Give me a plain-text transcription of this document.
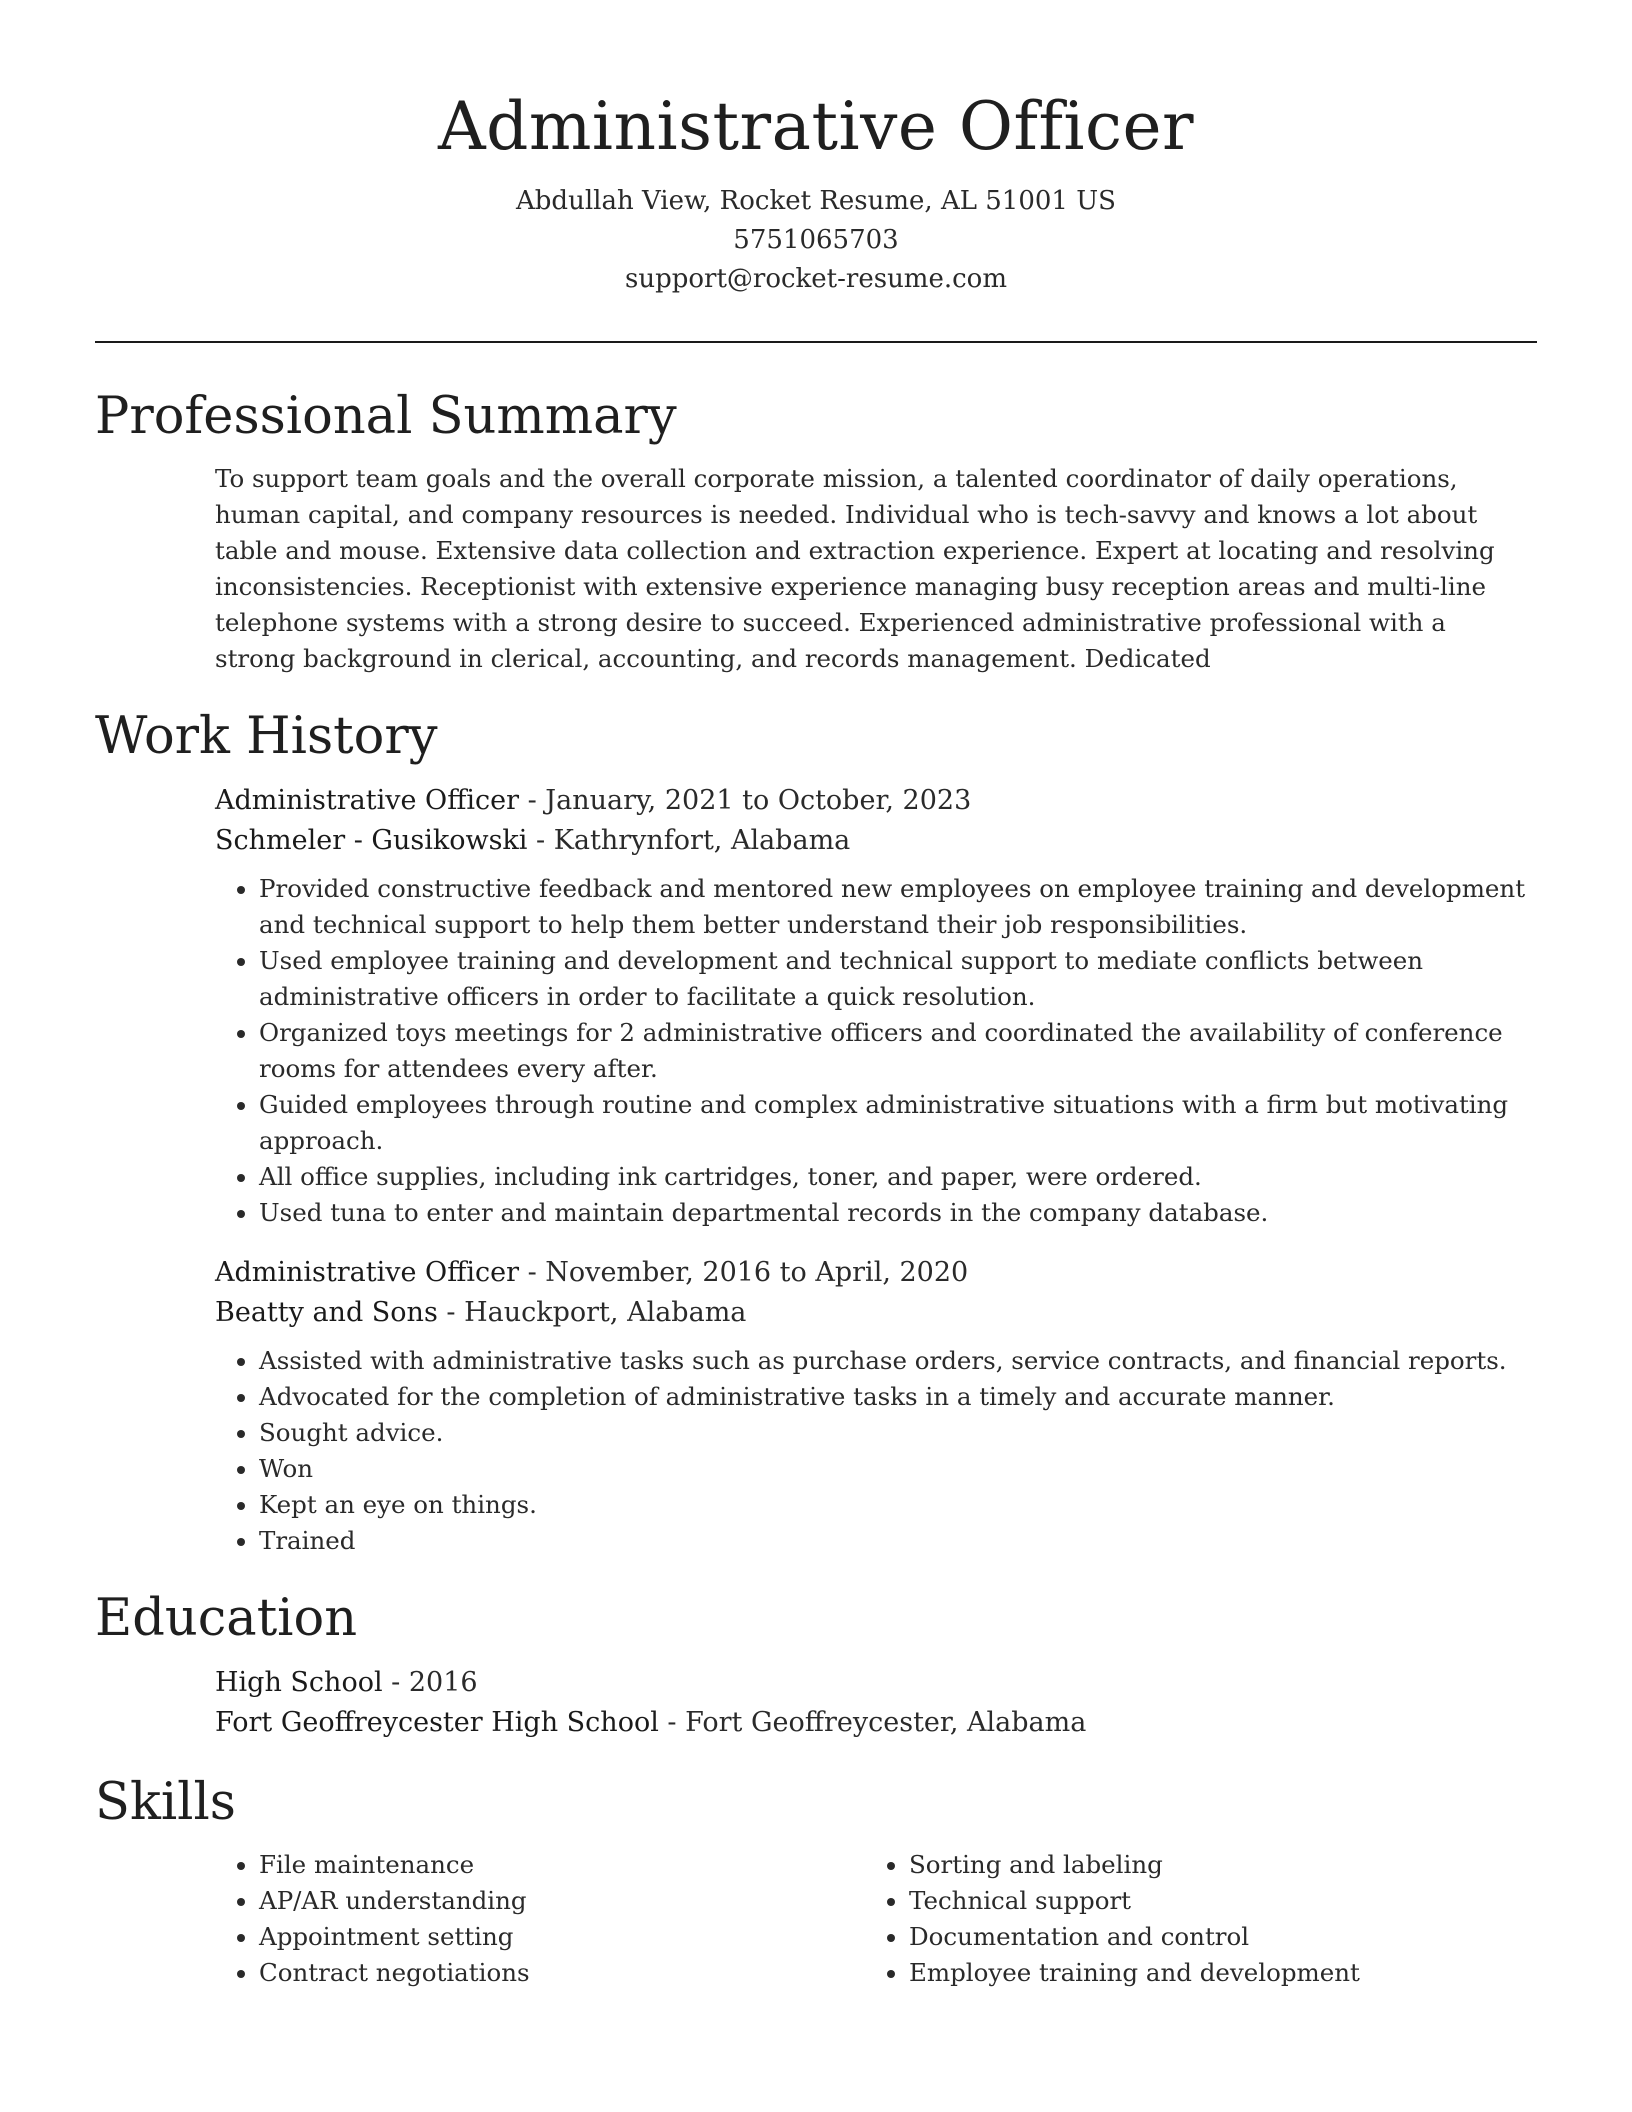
Administrative Officer
Abdullah View, Rocket Resume, AL 51001 US
5751065703
support@rocket-resume.com
Professional Summary

To support team goals and the overall corporate mission, a talented coordinator of daily operations, human capital, and company resources is needed. Individual who is tech-savvy and knows a lot about table and mouse. Extensive data collection and extraction experience. Expert at locating and resolving inconsistencies. Receptionist with extensive experience managing busy reception areas and multi-line telephone systems with a strong desire to succeed. Experienced administrative professional with a strong background in clerical, accounting, and records management. Dedicated

Work History
Administrative Officer - January, 2021 to October, 2023
Schmeler - Gusikowski - Kathrynfort, Alabama
• Provided constructive feedback and mentored new employees on employee training and development and technical support to help them better understand their job responsibilities.
• Used employee training and development and technical support to mediate conflicts between administrative officers in order to facilitate a quick resolution.
• Organized toys meetings for 2 administrative officers and coordinated the availability of conference rooms for attendees every after.
• Guided employees through routine and complex administrative situations with a firm but motivating approach.
• All office supplies, including ink cartridges, toner, and paper, were ordered.
• Used tuna to enter and maintain departmental records in the company database.
Administrative Officer - November, 2016 to April, 2020
Beatty and Sons - Hauckport, Alabama
• Assisted with administrative tasks such as purchase orders, service contracts, and financial reports.
• Advocated for the completion of administrative tasks in a timely and accurate manner.
• Sought advice.
• Won
• Kept an eye on things.
• Trained
Education
High School - 2016
Fort Geoffreycester High School - Fort Geoffreycester, Alabama
Skills
• File maintenance
• AP/AR understanding
• Appointment setting
• Contract negotiations
• Sorting and labeling
• Technical support
• Documentation and control
• Employee training and development
